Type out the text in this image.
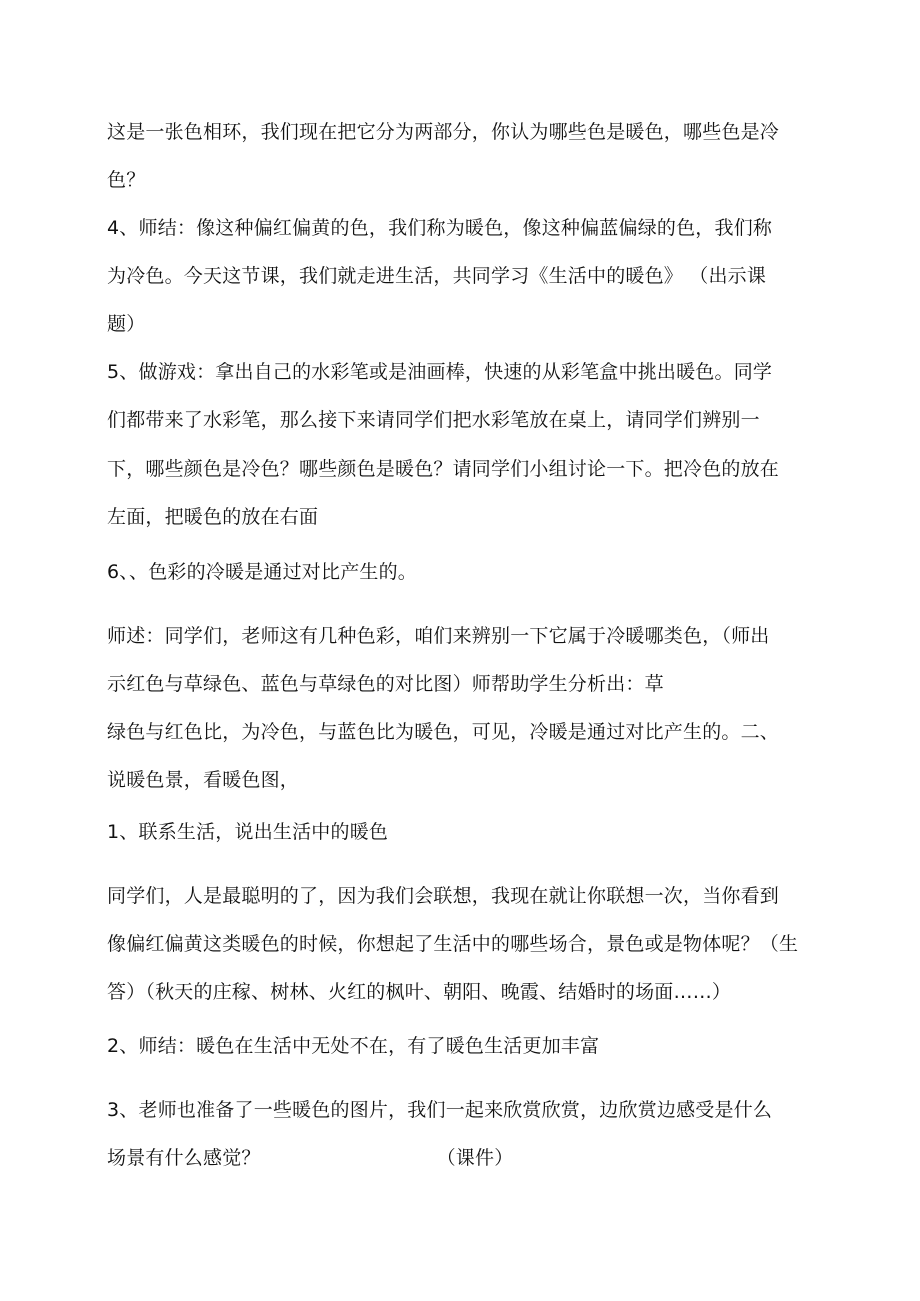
这是一张色相环，我们现在把它分为两部分，你认为哪些色是暖色，哪些色是冷
色？
4、师结：像这种偏红偏黄的色，我们称为暖色，像这种偏蓝偏绿的色，我们称
为冷色。今天这节课，我们就走进生活，共同学习《生活中的暖色》 （出示课
题）
5、做游戏：拿出自己的水彩笔或是油画棒，快速的从彩笔盒中挑出暖色。同学
们都带来了水彩笔，那么接下来请同学们把水彩笔放在桌上，请同学们辨别一
下，哪些颜色是冷色？哪些颜色是暖色？请同学们小组讨论一下。把冷色的放在
左面，把暖色的放在右面
6、、色彩的冷暖是通过对比产生的。
师述：同学们，老师这有几种色彩，咱们来辨别一下它属于冷暖哪类色，（师出
示红色与草绿色、蓝色与草绿色的对比图）师帮助学生分析出：草
绿色与红色比，为冷色，与蓝色比为暖色，可见，冷暖是通过对比产生的。二、
说暖色景，看暖色图，
1、联系生活，说出生活中的暖色
同学们，人是最聪明的了，因为我们会联想，我现在就让你联想一次，当你看到
像偏红偏黄这类暖色的时候，你想起了生活中的哪些场合，景色或是物体呢？（生
答）（秋天的庄稼、树林、火红的枫叶、朝阳、晚霞、结婚时的场面……）
2、师结：暖色在生活中无处不在，有了暖色生活更加丰富
3、老师也准备了一些暖色的图片，我们一起来欣赏欣赏，边欣赏边感受是什么
场景有什么感觉？	（课件）
